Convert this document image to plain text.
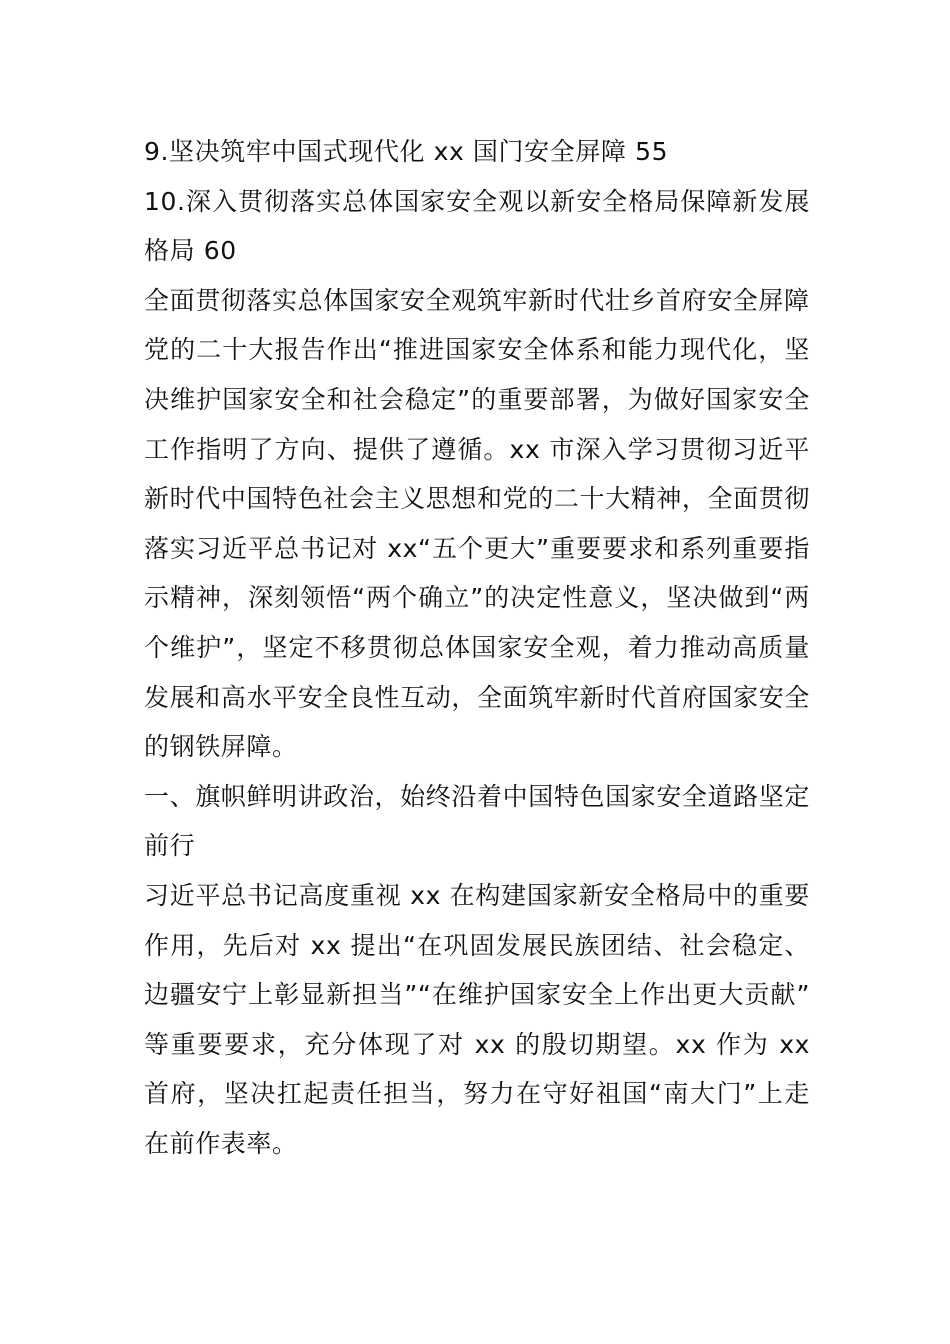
9.坚决筑牢中国式现代化 xx 国门安全屏障 55

10.深入贯彻落实总体国家安全观以新安全格局保障新发展格局 60

全面贯彻落实总体国家安全观筑牢新时代壮乡首府安全屏障

党的二十大报告作出“推进国家安全体系和能力现代化，坚决维护国家安全和社会稳定”的重要部署，为做好国家安全工作指明了方向、提供了遵循。xx 市深入学习贯彻习近平新时代中国特色社会主义思想和党的二十大精神，全面贯彻落实习近平总书记对 xx“五个更大”重要要求和系列重要指示精神，深刻领悟“两个确立”的决定性意义，坚决做到“两个维护”，坚定不移贯彻总体国家安全观，着力推动高质量发展和高水平安全良性互动，全面筑牢新时代首府国家安全的钢铁屏障。

一、旗帜鲜明讲政治，始终沿着中国特色国家安全道路坚定前行

习近平总书记高度重视 xx 在构建国家新安全格局中的重要作用，先后对 xx 提出“在巩固发展民族团结、社会稳定、边疆安宁上彰显新担当”“在维护国家安全上作出更大贡献”等重要要求，充分体现了对 xx 的殷切期望。xx 作为 xx 首府，坚决扛起责任担当，努力在守好祖国“南大门”上走在前作表率。
